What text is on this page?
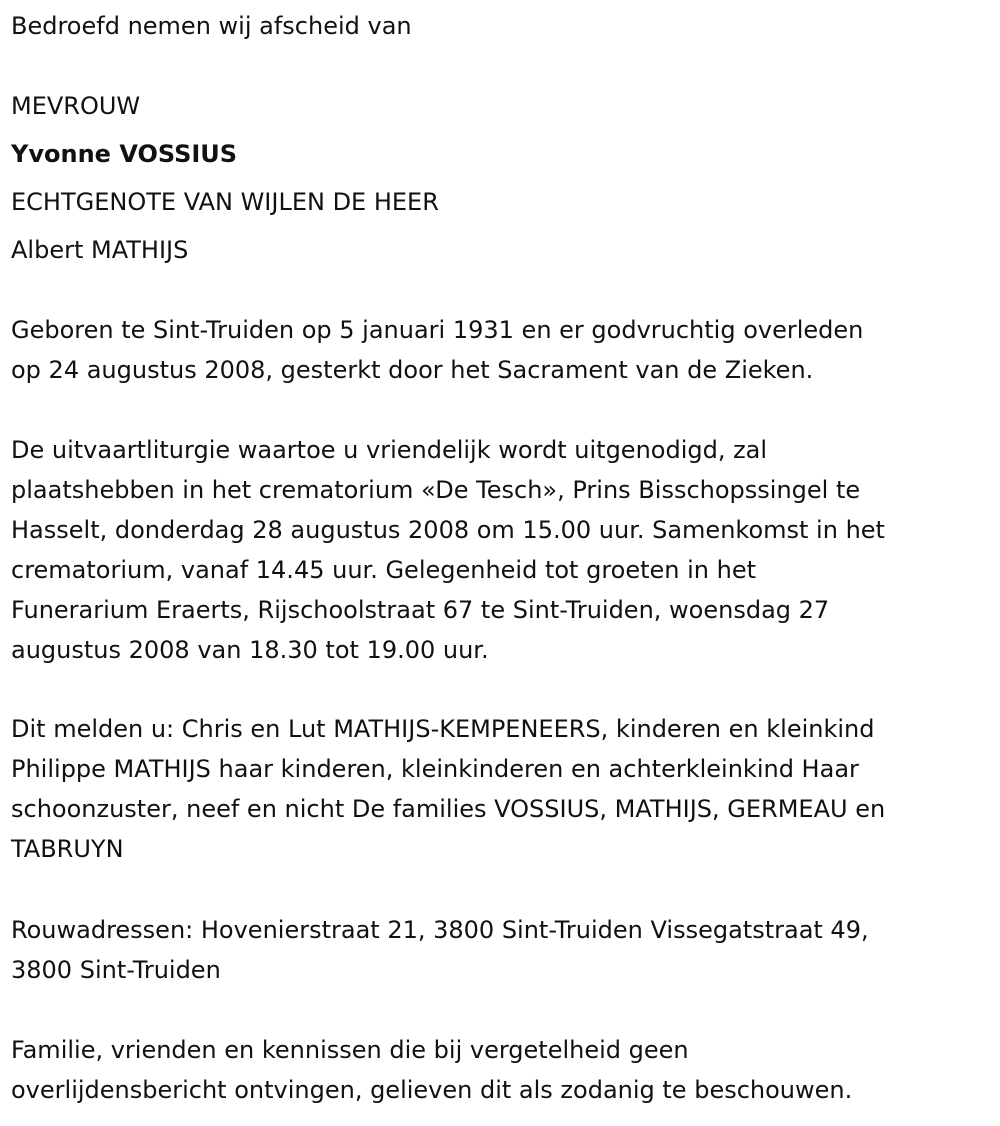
Bedroefd nemen wij afscheid van

MEVROUW

Yvonne VOSSIUS

ECHTGENOTE VAN WIJLEN DE HEER

Albert MATHIJS

Geboren te Sint-Truiden op 5 januari 1931 en er godvruchtig overleden
op 24 augustus 2008, gesterkt door het Sacrament van de Zieken.

De uitvaartliturgie waartoe u vriendelijk wordt uitgenodigd, zal
plaatshebben in het crematorium «De Tesch», Prins Bisschopssingel te
Hasselt, donderdag 28 augustus 2008 om 15.00 uur. Samenkomst in het
crematorium, vanaf 14.45 uur. Gelegenheid tot groeten in het
Funerarium Eraerts, Rijschoolstraat 67 te Sint-Truiden, woensdag 27
augustus 2008 van 18.30 tot 19.00 uur.

Dit melden u: Chris en Lut MATHIJS-KEMPENEERS, kinderen en kleinkind
Philippe MATHIJS haar kinderen, kleinkinderen en achterkleinkind Haar
schoonzuster, neef en nicht De families VOSSIUS, MATHIJS, GERMEAU en
TABRUYN

Rouwadressen: Hovenierstraat 21, 3800 Sint-Truiden Vissegatstraat 49,
3800 Sint-Truiden

Familie, vrienden en kennissen die bij vergetelheid geen
overlijdensbericht ontvingen, gelieven dit als zodanig te beschouwen.
